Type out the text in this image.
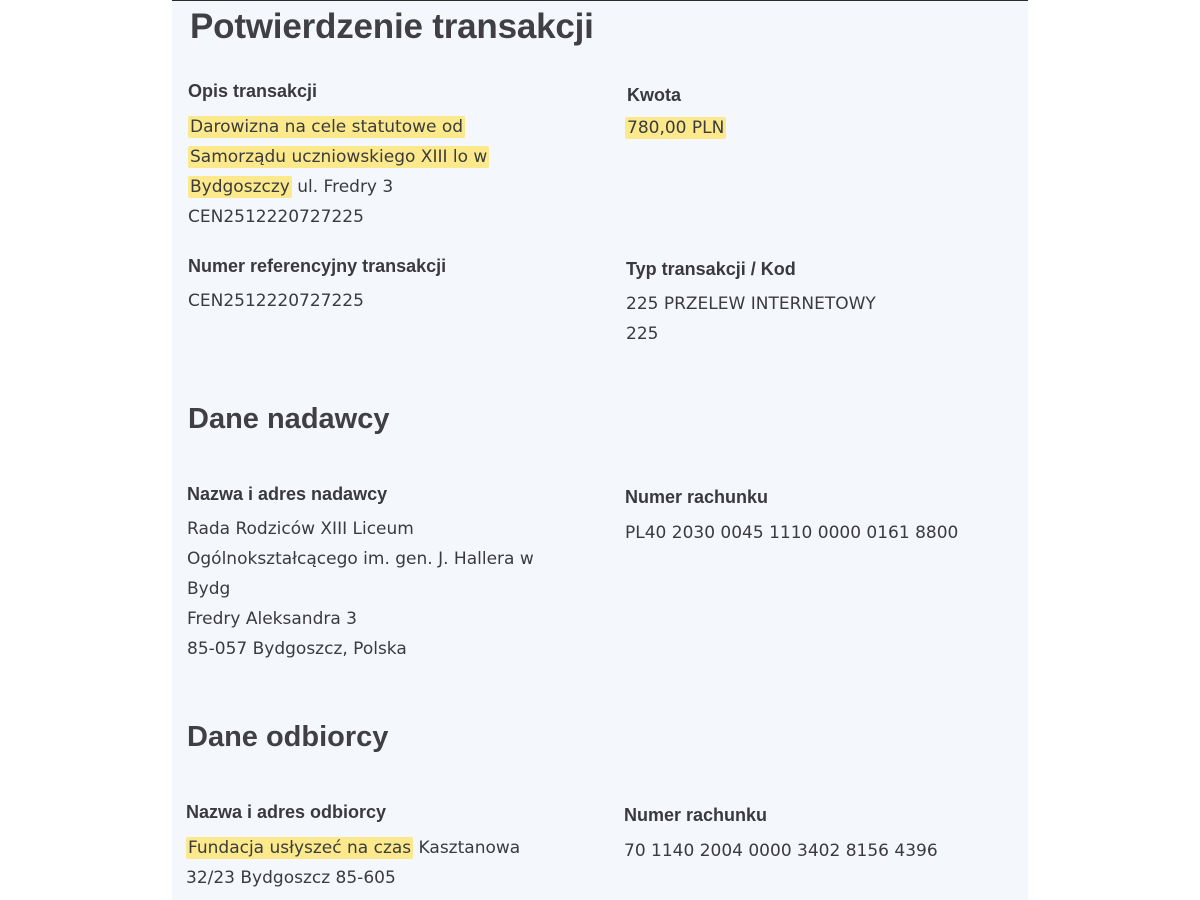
Potwierdzenie transakcji
Opis transakcji
Darowizna na cele statutowe od
Samorządu uczniowskiego XIII lo w
Bydgoszczy ul. Fredry 3
CEN2512220727225
Kwota
780,00 PLN
Numer referencyjny transakcji
CEN2512220727225
Typ transakcji / Kod
225 PRZELEW INTERNETOWY
225
Dane nadawcy
Nazwa i adres nadawcy
Rada Rodziców XIII Liceum
Ogólnokształcącego im. gen. J. Hallera w
Bydg
Fredry Aleksandra 3
85-057 Bydgoszcz, Polska
Numer rachunku
PL40 2030 0045 1110 0000 0161 8800
Dane odbiorcy
Nazwa i adres odbiorcy
Fundacja usłyszeć na czas Kasztanowa
32/23 Bydgoszcz 85-605
Numer rachunku
70 1140 2004 0000 3402 8156 4396
